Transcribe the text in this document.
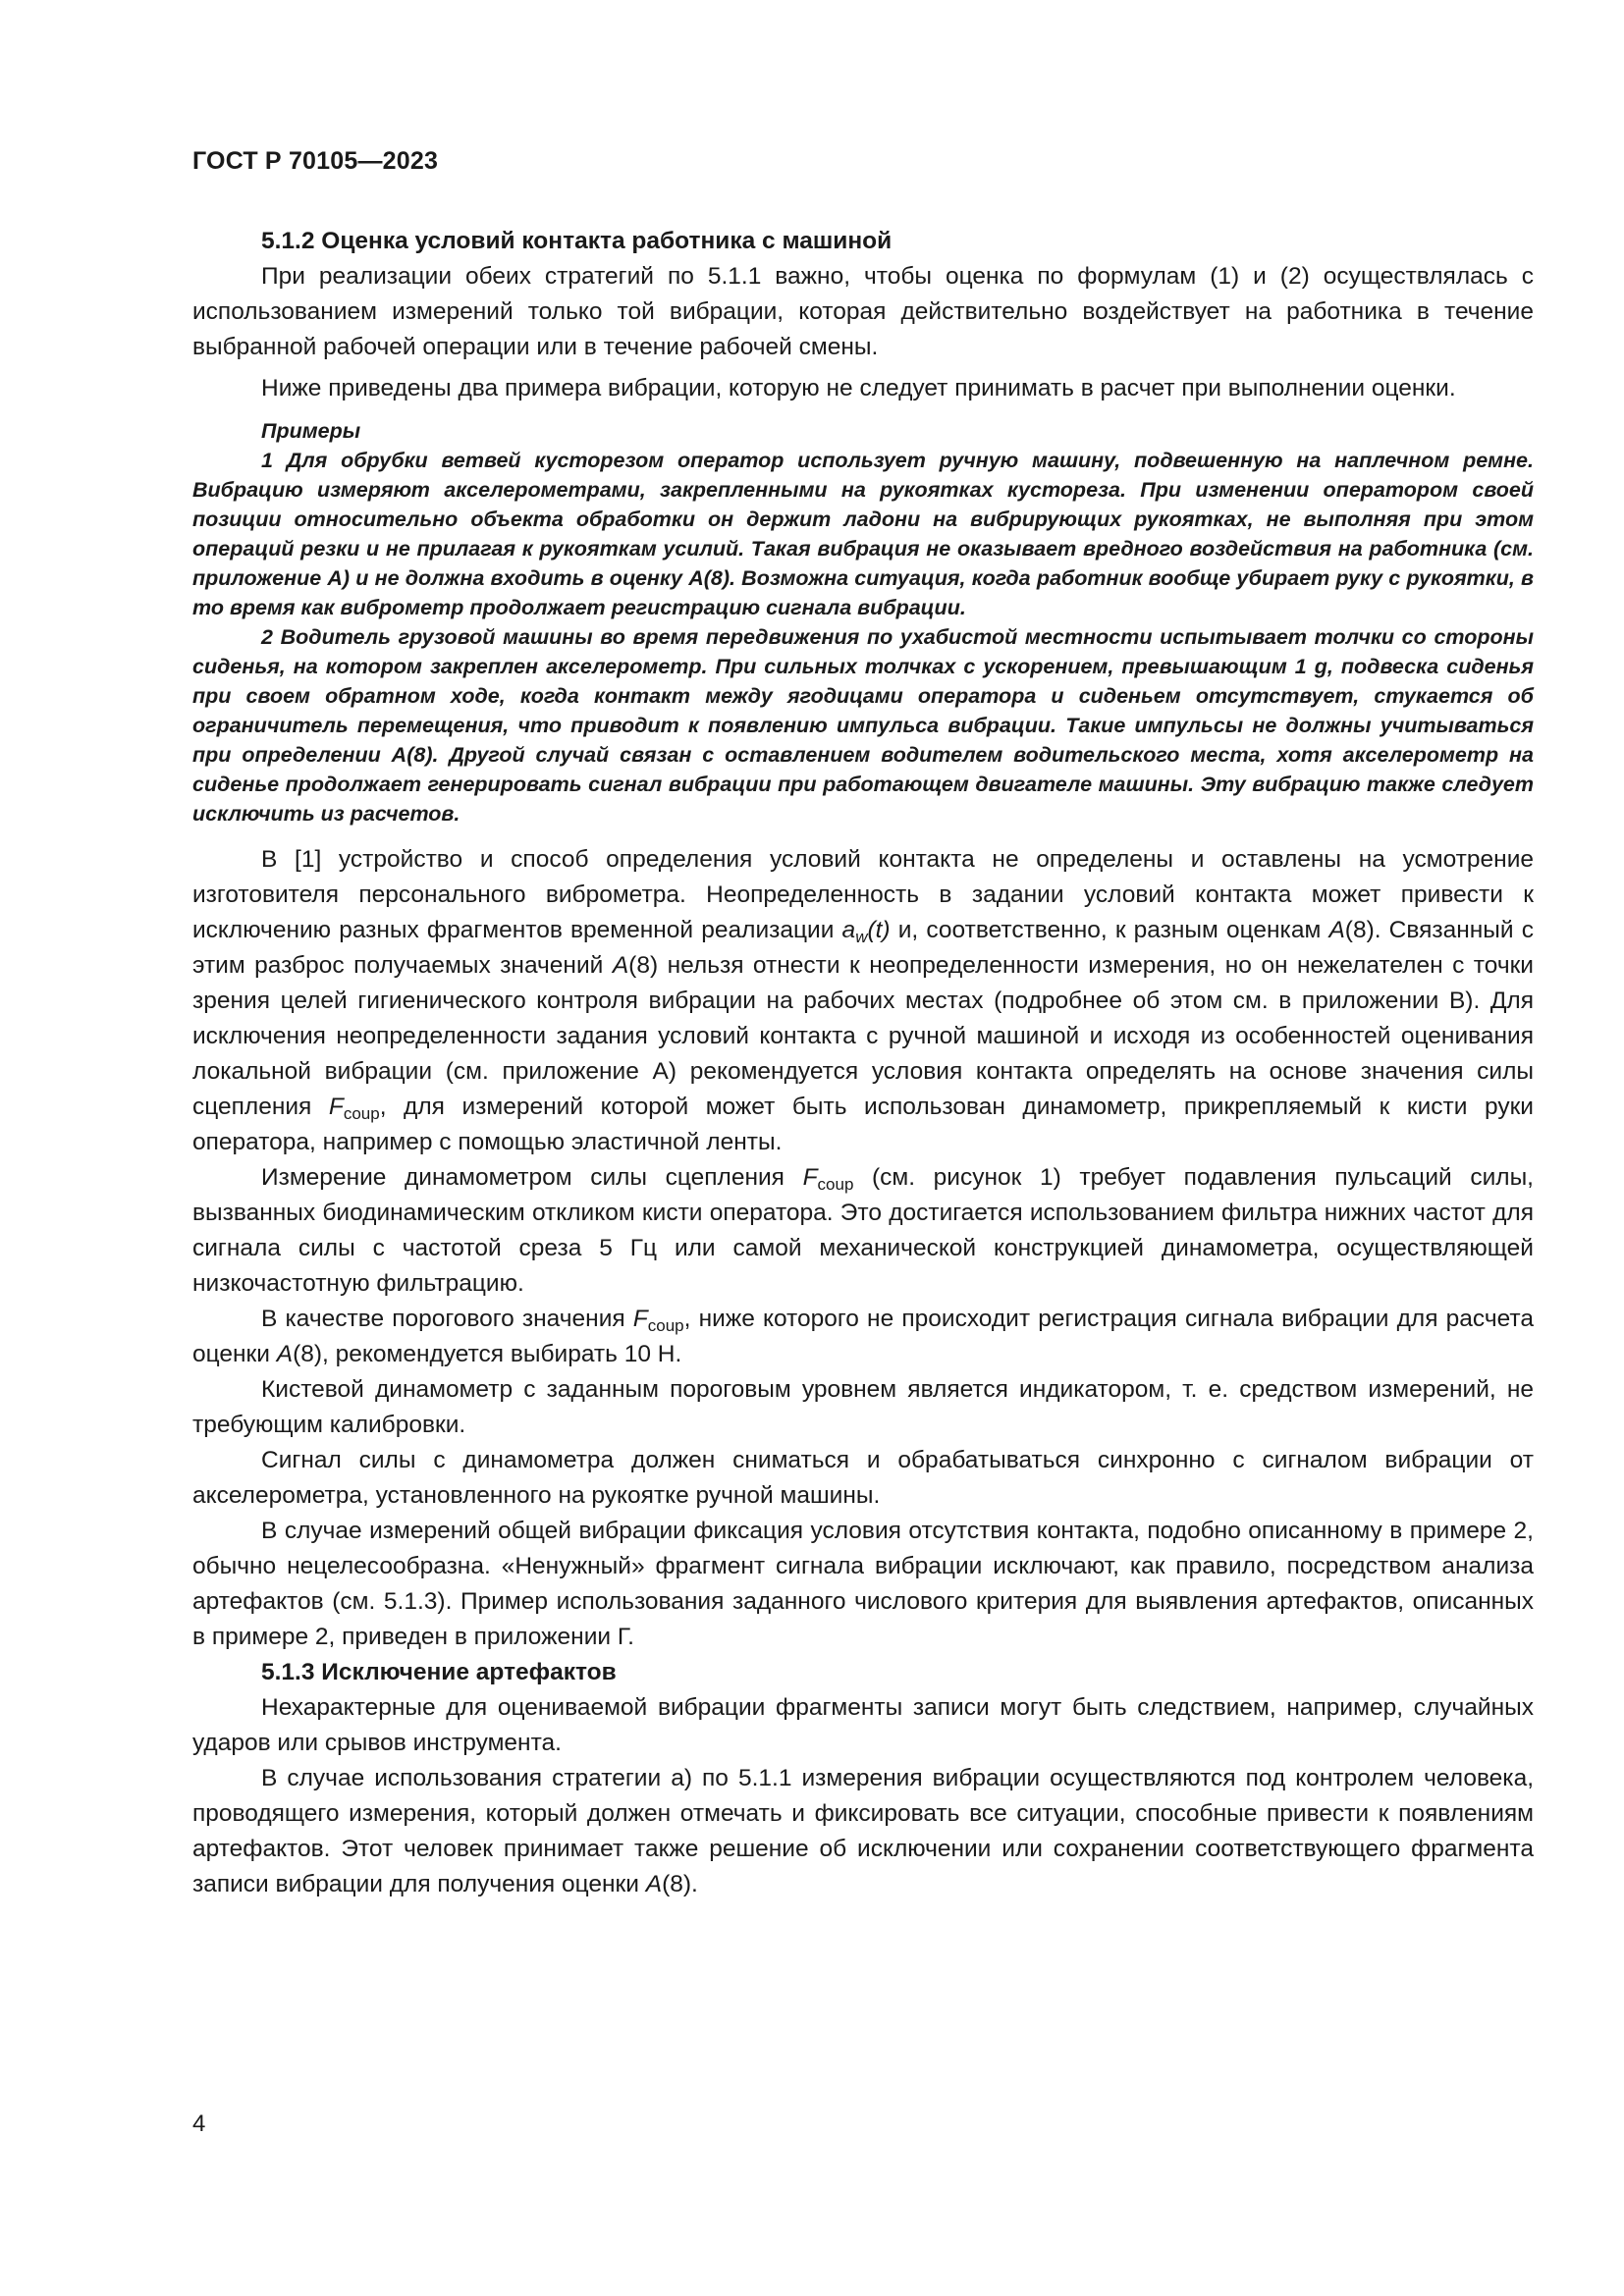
ГОСТ Р 70105—2023

5.1.2 Оценка условий контакта работника с машиной

При реализации обеих стратегий по 5.1.1 важно, чтобы оценка по формулам (1) и (2) осуществлялась с использованием измерений только той вибрации, которая действительно воздействует на работника в течение выбранной рабочей операции или в течение рабочей смены.

Ниже приведены два примера вибрации, которую не следует принимать в расчет при выполнении оценки.

Примеры

1 Для обрубки ветвей кусторезом оператор использует ручную машину, подвешенную на наплечном ремне. Вибрацию измеряют акселерометрами, закрепленными на рукоятках кустореза. При изменении оператором своей позиции относительно объекта обработки он держит ладони на вибрирующих рукоятках, не выполняя при этом операций резки и не прилагая к рукояткам усилий. Такая вибрация не оказывает вредного воздействия на работника (см. приложение А) и не должна входить в оценку A(8). Возможна ситуация, когда работник вообще убирает руку с рукоятки, в то время как виброметр продолжает регистрацию сигнала вибрации.

2 Водитель грузовой машины во время передвижения по ухабистой местности испытывает толчки со стороны сиденья, на котором закреплен акселерометр. При сильных толчках с ускорением, превышающим 1 g, подвеска сиденья при своем обратном ходе, когда контакт между ягодицами оператора и сиденьем отсутствует, стукается об ограничитель перемещения, что приводит к появлению импульса вибрации. Такие импульсы не должны учитываться при определении A(8). Другой случай связан с оставлением водителем водительского места, хотя акселерометр на сиденье продолжает генерировать сигнал вибрации при работающем двигателе машины. Эту вибрацию также следует исключить из расчетов.

В [1] устройство и способ определения условий контакта не определены и оставлены на усмотрение изготовителя персонального виброметра. Неопределенность в задании условий контакта может привести к исключению разных фрагментов временной реализации $a_w(t)$ и, соответственно, к разным оценкам A(8). Связанный с этим разброс получаемых значений A(8) нельзя отнести к неопределенности измерения, но он нежелателен с точки зрения целей гигиенического контроля вибрации на рабочих местах (подробнее об этом см. в приложении В). Для исключения неопределенности задания условий контакта с ручной машиной и исходя из особенностей оценивания локальной вибрации (см. приложение А) рекомендуется условия контакта определять на основе значения силы сцепления $F_{coup}$, для измерений которой может быть использован динамометр, прикрепляемый к кисти руки оператора, например с помощью эластичной ленты.

Измерение динамометром силы сцепления $F_{coup}$ (см. рисунок 1) требует подавления пульсаций силы, вызванных биодинамическим откликом кисти оператора. Это достигается использованием фильтра нижних частот для сигнала силы с частотой среза 5 Гц или самой механической конструкцией динамометра, осуществляющей низкочастотную фильтрацию.

В качестве порогового значения $F_{coup}$, ниже которого не происходит регистрация сигнала вибрации для расчета оценки A(8), рекомендуется выбирать 10 Н.

Кистевой динамометр с заданным пороговым уровнем является индикатором, т. е. средством измерений, не требующим калибровки.

Сигнал силы с динамометра должен сниматься и обрабатываться синхронно с сигналом вибрации от акселерометра, установленного на рукоятке ручной машины.

В случае измерений общей вибрации фиксация условия отсутствия контакта, подобно описанному в примере 2, обычно нецелесообразна. «Ненужный» фрагмент сигнала вибрации исключают, как правило, посредством анализа артефактов (см. 5.1.3). Пример использования заданного числового критерия для выявления артефактов, описанных в примере 2, приведен в приложении Г.

5.1.3 Исключение артефактов

Нехарактерные для оцениваемой вибрации фрагменты записи могут быть следствием, например, случайных ударов или срывов инструмента.

В случае использования стратегии а) по 5.1.1 измерения вибрации осуществляются под контролем человека, проводящего измерения, который должен отмечать и фиксировать все ситуации, способные привести к появлениям артефактов. Этот человек принимает также решение об исключении или сохранении соответствующего фрагмента записи вибрации для получения оценки A(8).

4
